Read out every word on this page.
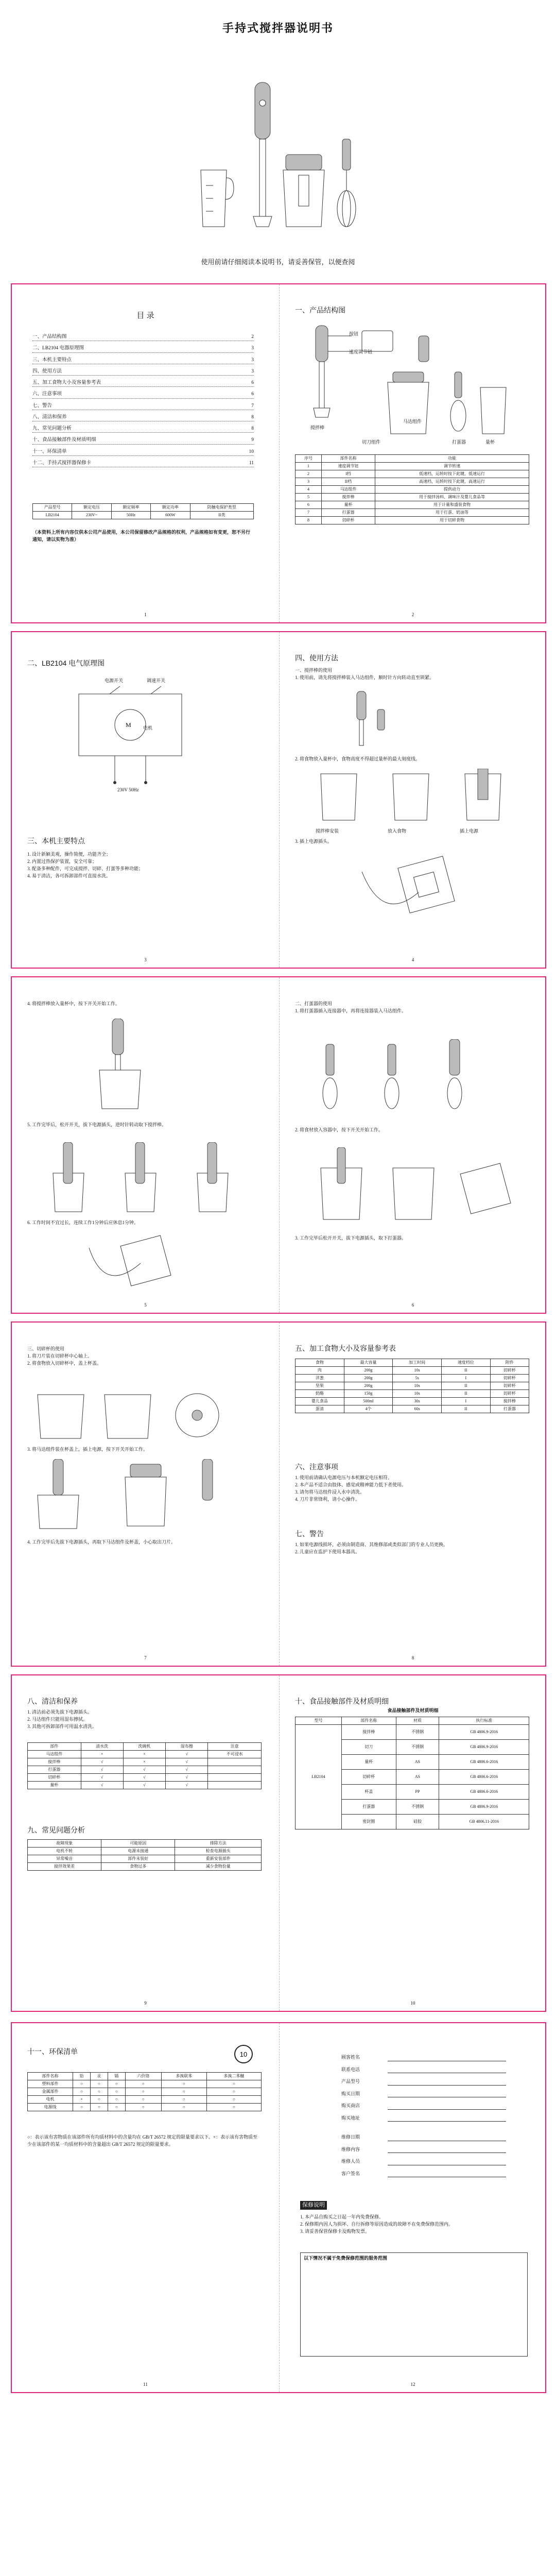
手持式搅拌器说明书
使用前请仔细阅读本说明书，请妥善保管，以便查阅
目 录
一、产品结构图	2
二、LB2104 电器原理图	3
三、本机主要特点	3
四、使用方法	3
五、加工食物大小及容量参考表	6
六、注意事项	6
七、警告	7
八、清洁和保养	8
九、常见问题分析	8
十、食品接触部件及材质明细	9
十一、环保清单	10
十二、手持式搅拌器保修卡	11
产品型号	额定电压	额定频率	额定功率	防触电保护类型
LB2104	230V~	50Hz	600W	II类
（本资料上所有内容仅供本公司产品使用，本公司保留修改产品规格的权利，产品规格如有变更，恕不另行通知，请以实物为准）
1
一、产品结构图
按钮
速度调节钮
马达组件
切刀组件	量杯
搅拌棒
打蛋器
序号	部件名称	功能
1	速度调节钮	调节转速
2	I档	低速档，运转时按下此键，低速运行
3	II档	高速档，运转时按下此键，高速运行
4	马达组件	提供动力
5	搅拌棒	用于搅拌汤料、调味汁及婴儿食品等
6	量杯	用于计量和盛装食物
7	打蛋器	用于打蛋、奶油等
8	切碎杯	用于切碎食物
2
二、LB2104 电气原理图
M
电源开关	调速开关
电机
230V 50Hz
三、本机主要特点
1. 设计新颖美观，操作简便，功能齐全；
2. 内置过热保护装置，安全可靠；
3. 配备多种配件，可完成搅拌、切碎、打蛋等多种功能；
4. 易于清洁，各可拆卸部件可直接水洗。
3
四、使用方法
一、搅拌棒的使用
1. 使用前，请先将搅拌棒装入马达组件，顺时针方向转动直至锁紧。
2. 将食物放入量杯中，食物高度不得超过量杯的最大刻度线。
搅拌棒安装	放入食物	插上电源
3. 插上电源插头。
4
4. 将搅拌棒放入量杯中，按下开关开始工作。
5. 工作完毕后，松开开关，拔下电源插头，逆时针转动取下搅拌棒。
6. 工作时间不宜过长，连续工作1分钟后应休息1分钟。
5
二、打蛋器的使用
1. 将打蛋器插入连接器中，再将连接器装入马达组件。
2. 将食材放入容器中，按下开关开始工作。
3. 工作完毕后松开开关，拔下电源插头，取下打蛋器。
6
三、切碎杯的使用
1. 将刀片装在切碎杯中心轴上。
2. 将食物放入切碎杯中，盖上杯盖。
3. 将马达组件装在杯盖上，插上电源，按下开关开始工作。
4. 工作完毕后先拔下电源插头，再取下马达组件及杯盖，小心取出刀片。
7
五、加工食物大小及容量参考表
食物	最大容量	加工时间	速度档位	附件
肉	200g	10s	II	切碎杯
洋葱	200g	5s	I	切碎杯
坚果	200g	10s	II	切碎杯
奶酪	150g	10s	II	切碎杯
婴儿食品	500ml	30s	I	搅拌棒
蛋清	4个	60s	II	打蛋器
六、注意事项
1. 使用前请确认电源电压与本机额定电压相符。
2. 本产品不适合由肢体、感觉或精神能力低下者使用。
3. 请勿将马达组件浸入水中清洗。
4. 刀片非常锋利，请小心操作。
七、警告
1. 如果电源线损坏，必须由制造商、其维修部或类似部门的专业人员更换。
2. 儿童应在监护下使用本器具。
8
八、清洁和保养
1. 清洁前必须先拔下电源插头。
2. 马达组件只能用湿布擦拭。
3. 其他可拆卸部件可用温水清洗。
部件	清水洗	洗碗机	湿布擦	注意
马达组件	×	×	√	不可浸水
搅拌棒	√	×	√	
打蛋器	√	√	√	
切碎杯	√	√	√	
量杯	√	√	√	
九、常见问题分析
故障现象	可能原因	排除方法
电机不转	电源未接通	检查电源插头
异常噪音	部件未装好	重新安装部件
搅拌效果差	食物过多	减少食物份量
9
十、食品接触部件及材质明细
食品接触部件及材质明细
型号	部件名称	材质	执行标准
LB2104	搅拌棒	不锈钢	GB 4806.9-2016
	切刀	不锈钢	GB 4806.9-2016
	量杯	AS	GB 4806.6-2016
	切碎杯	AS	GB 4806.6-2016
	杯盖	PP	GB 4806.6-2016
	打蛋器	不锈钢	GB 4806.9-2016
	密封圈	硅胶	GB 4806.11-2016
10
十一、环保清单	10
部件名称	铅	汞	镉	六价铬	多溴联苯	多溴二苯醚
塑料部件	○	○	○	○	○	○
金属部件	○	○	○	○	○	○
电机	×	○	○	○	○	○
电源线	○	○	○	○	○	○
○：表示该有害物质在该部件所有均质材料中的含量均在 GB/T 26572 规定的限量要求以下。×：表示该有害物质至少在该部件的某一均质材料中的含量超出 GB/T 26572 规定的限量要求。
11
顾客姓名
联系电话
产品型号
购买日期
购买商店
购买地址
维修日期
维修内容
维修人员
客户签名
保修说明
1. 本产品自购买之日起一年内免费保修。
2. 保修期内因人为损坏、自行拆修等原因造成的故障不在免费保修范围内。
3. 请妥善保管保修卡及购物发票。
以下情况不属于免费保修范围的服务范围
12
